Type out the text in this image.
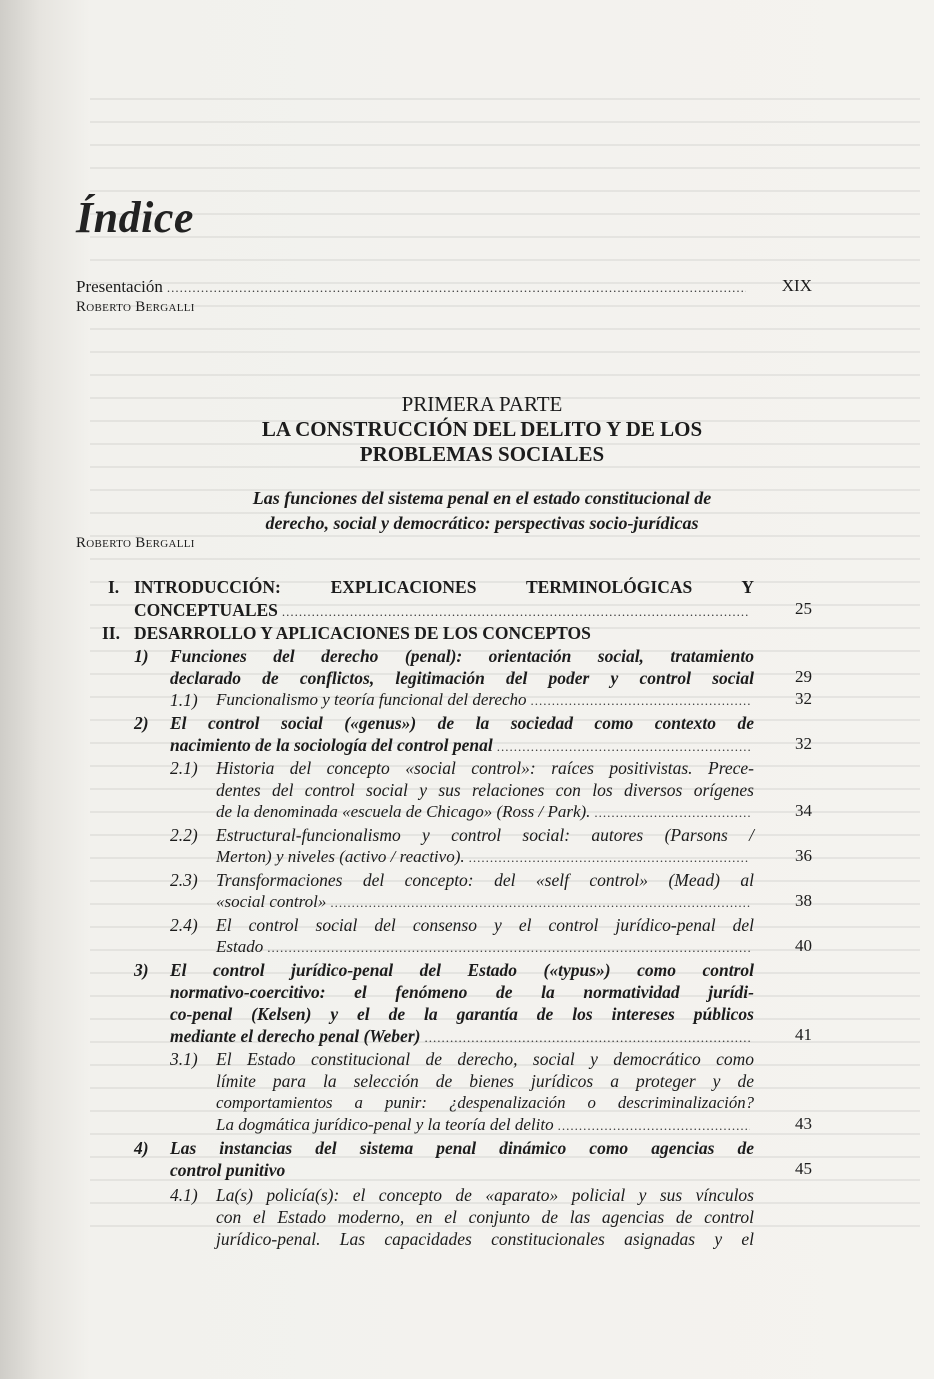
Índice
Presentación .....	XIX
Roberto Bergalli
PRIMERA PARTE
LA CONSTRUCCIÓN DEL DELITO Y DE LOS
PROBLEMAS SOCIALES
Las funciones del sistema penal en el estado constitucional de
derecho, social y democrático: perspectivas socio-jurídicas
Roberto Bergalli
I. INTRODUCCIÓN: EXPLICACIONES TERMINOLÓGICAS Y
CONCEPTUALES .....	25
II. DESARROLLO Y APLICACIONES DE LOS CONCEPTOS
1) Funciones del derecho (penal): orientación social, tratamiento
declarado de conflictos, legitimación del poder y control social	29
1.1) Funcionalismo y teoría funcional del derecho .....	32
2) El control social («genus») de la sociedad como contexto de
nacimiento de la sociología del control penal .....	32
2.1) Historia del concepto «social control»: raíces positivistas. Prece-
dentes del control social y sus relaciones con los diversos orígenes
de la denominada «escuela de Chicago» (Ross / Park). .....	34
2.2) Estructural-funcionalismo y control social: autores (Parsons /
Merton) y niveles (activo / reactivo). .....	36
2.3) Transformaciones del concepto: del «self control» (Mead) al
«social control» .....	38
2.4) El control social del consenso y el control jurídico-penal del
Estado .....	40
3) El control jurídico-penal del Estado («typus») como control
normativo-coercitivo: el fenómeno de la normatividad jurídi-
co-penal (Kelsen) y el de la garantía de los intereses públicos
mediante el derecho penal (Weber) .....	41
3.1) El Estado constitucional de derecho, social y democrático como
límite para la selección de bienes jurídicos a proteger y de
comportamientos a punir: ¿despenalización o descriminalización?
La dogmática jurídico-penal y la teoría del delito .....	43
4) Las instancias del sistema penal dinámico como agencias de
control punitivo	45
4.1) La(s) policía(s): el concepto de «aparato» policial y sus vínculos
con el Estado moderno, en el conjunto de las agencias de control
jurídico-penal. Las capacidades constitucionales asignadas y el
